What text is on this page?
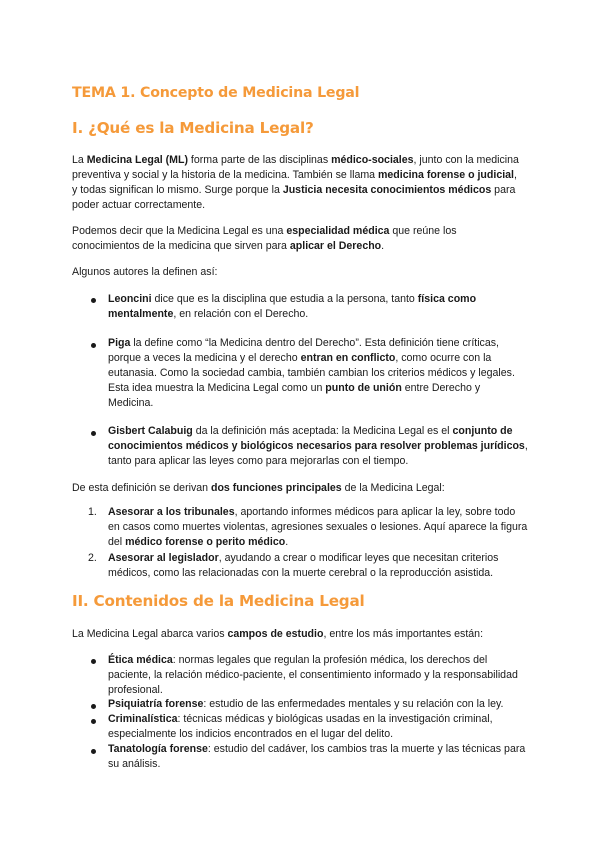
TEMA 1. Concepto de Medicina Legal
I. ¿Qué es la Medicina Legal?

La Medicina Legal (ML) forma parte de las disciplinas médico-sociales, junto con la medicina preventiva y social y la historia de la medicina. También se llama medicina forense o judicial, y todas significan lo mismo. Surge porque la Justicia necesita conocimientos médicos para poder actuar correctamente.

Podemos decir que la Medicina Legal es una especialidad médica que reúne los conocimientos de la medicina que sirven para aplicar el Derecho.

Algunos autores la definen así:

Leoncini dice que es la disciplina que estudia a la persona, tanto física como mentalmente, en relación con el Derecho.

Piga la define como “la Medicina dentro del Derecho”. Esta definición tiene críticas, porque a veces la medicina y el derecho entran en conflicto, como ocurre con la eutanasia. Como la sociedad cambia, también cambian los criterios médicos y legales. Esta idea muestra la Medicina Legal como un punto de unión entre Derecho y Medicina.

Gisbert Calabuig da la definición más aceptada: la Medicina Legal es el conjunto de conocimientos médicos y biológicos necesarios para resolver problemas jurídicos, tanto para aplicar las leyes como para mejorarlas con el tiempo.

De esta definición se derivan dos funciones principales de la Medicina Legal:

1. Asesorar a los tribunales, aportando informes médicos para aplicar la ley, sobre todo en casos como muertes violentas, agresiones sexuales o lesiones. Aquí aparece la figura del médico forense o perito médico.

2. Asesorar al legislador, ayudando a crear o modificar leyes que necesitan criterios médicos, como las relacionadas con la muerte cerebral o la reproducción asistida.

II. Contenidos de la Medicina Legal

La Medicina Legal abarca varios campos de estudio, entre los más importantes están:

Ética médica: normas legales que regulan la profesión médica, los derechos del paciente, la relación médico-paciente, el consentimiento informado y la responsabilidad profesional.

Psiquiatría forense: estudio de las enfermedades mentales y su relación con la ley.

Criminalística: técnicas médicas y biológicas usadas en la investigación criminal, especialmente los indicios encontrados en el lugar del delito.

Tanatología forense: estudio del cadáver, los cambios tras la muerte y las técnicas para su análisis.
